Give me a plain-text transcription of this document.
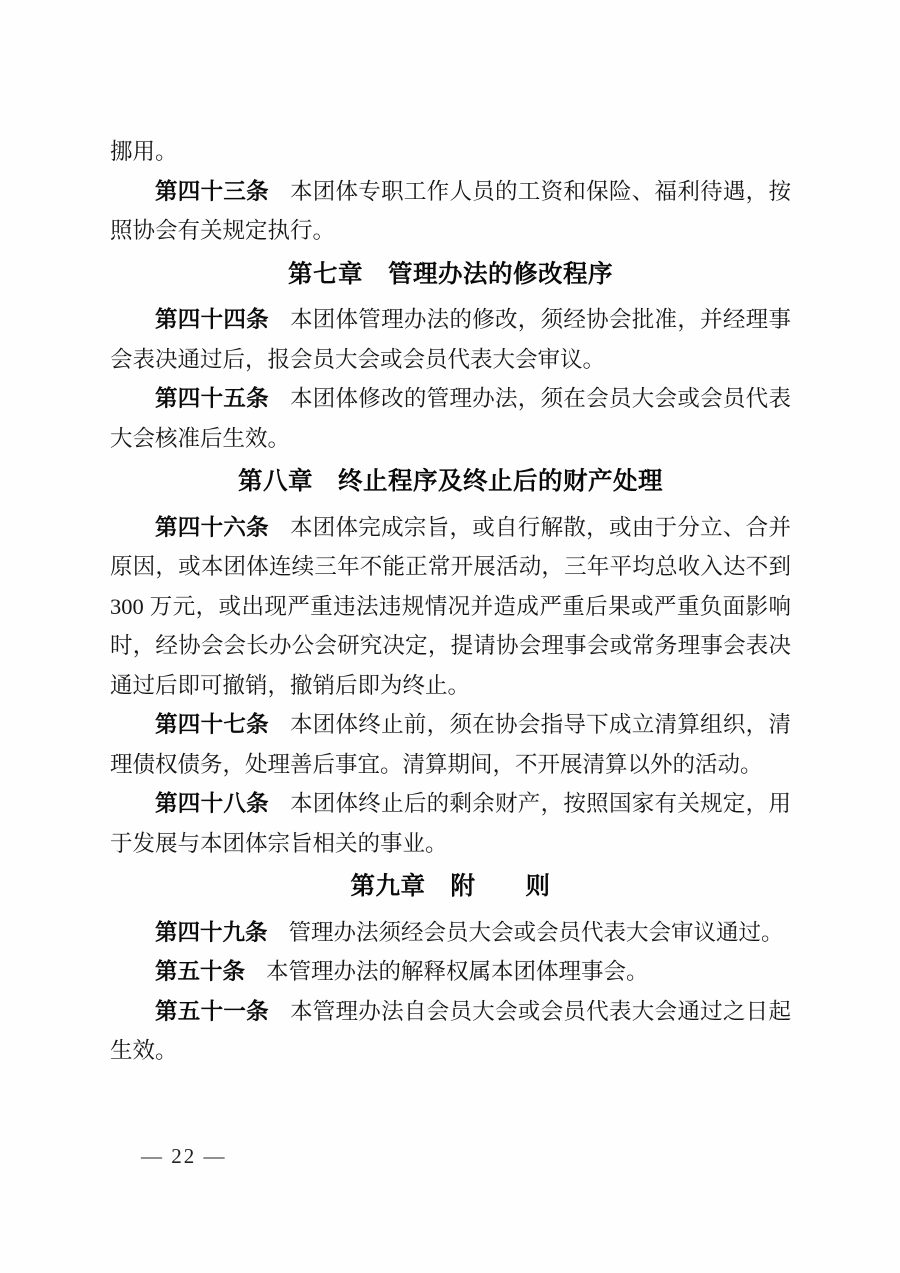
挪用。

第四十三条 本团体专职工作人员的工资和保险、福利待遇，按照协会有关规定执行。

第七章　管理办法的修改程序

第四十四条 本团体管理办法的修改，须经协会批准，并经理事会表决通过后，报会员大会或会员代表大会审议。

第四十五条 本团体修改的管理办法，须在会员大会或会员代表大会核准后生效。

第八章　终止程序及终止后的财产处理

第四十六条 本团体完成宗旨，或自行解散，或由于分立、合并原因，或本团体连续三年不能正常开展活动，三年平均总收入达不到300 万元，或出现严重违法违规情况并造成严重后果或严重负面影响时，经协会会长办公会研究决定，提请协会理事会或常务理事会表决通过后即可撤销，撤销后即为终止。

第四十七条 本团体终止前，须在协会指导下成立清算组织，清理债权债务，处理善后事宜。清算期间，不开展清算以外的活动。

第四十八条 本团体终止后的剩余财产，按照国家有关规定，用于发展与本团体宗旨相关的事业。

第九章　附　　则

第四十九条 管理办法须经会员大会或会员代表大会审议通过。

第五十条 本管理办法的解释权属本团体理事会。

第五十一条 本管理办法自会员大会或会员代表大会通过之日起生效。

— 22 —
